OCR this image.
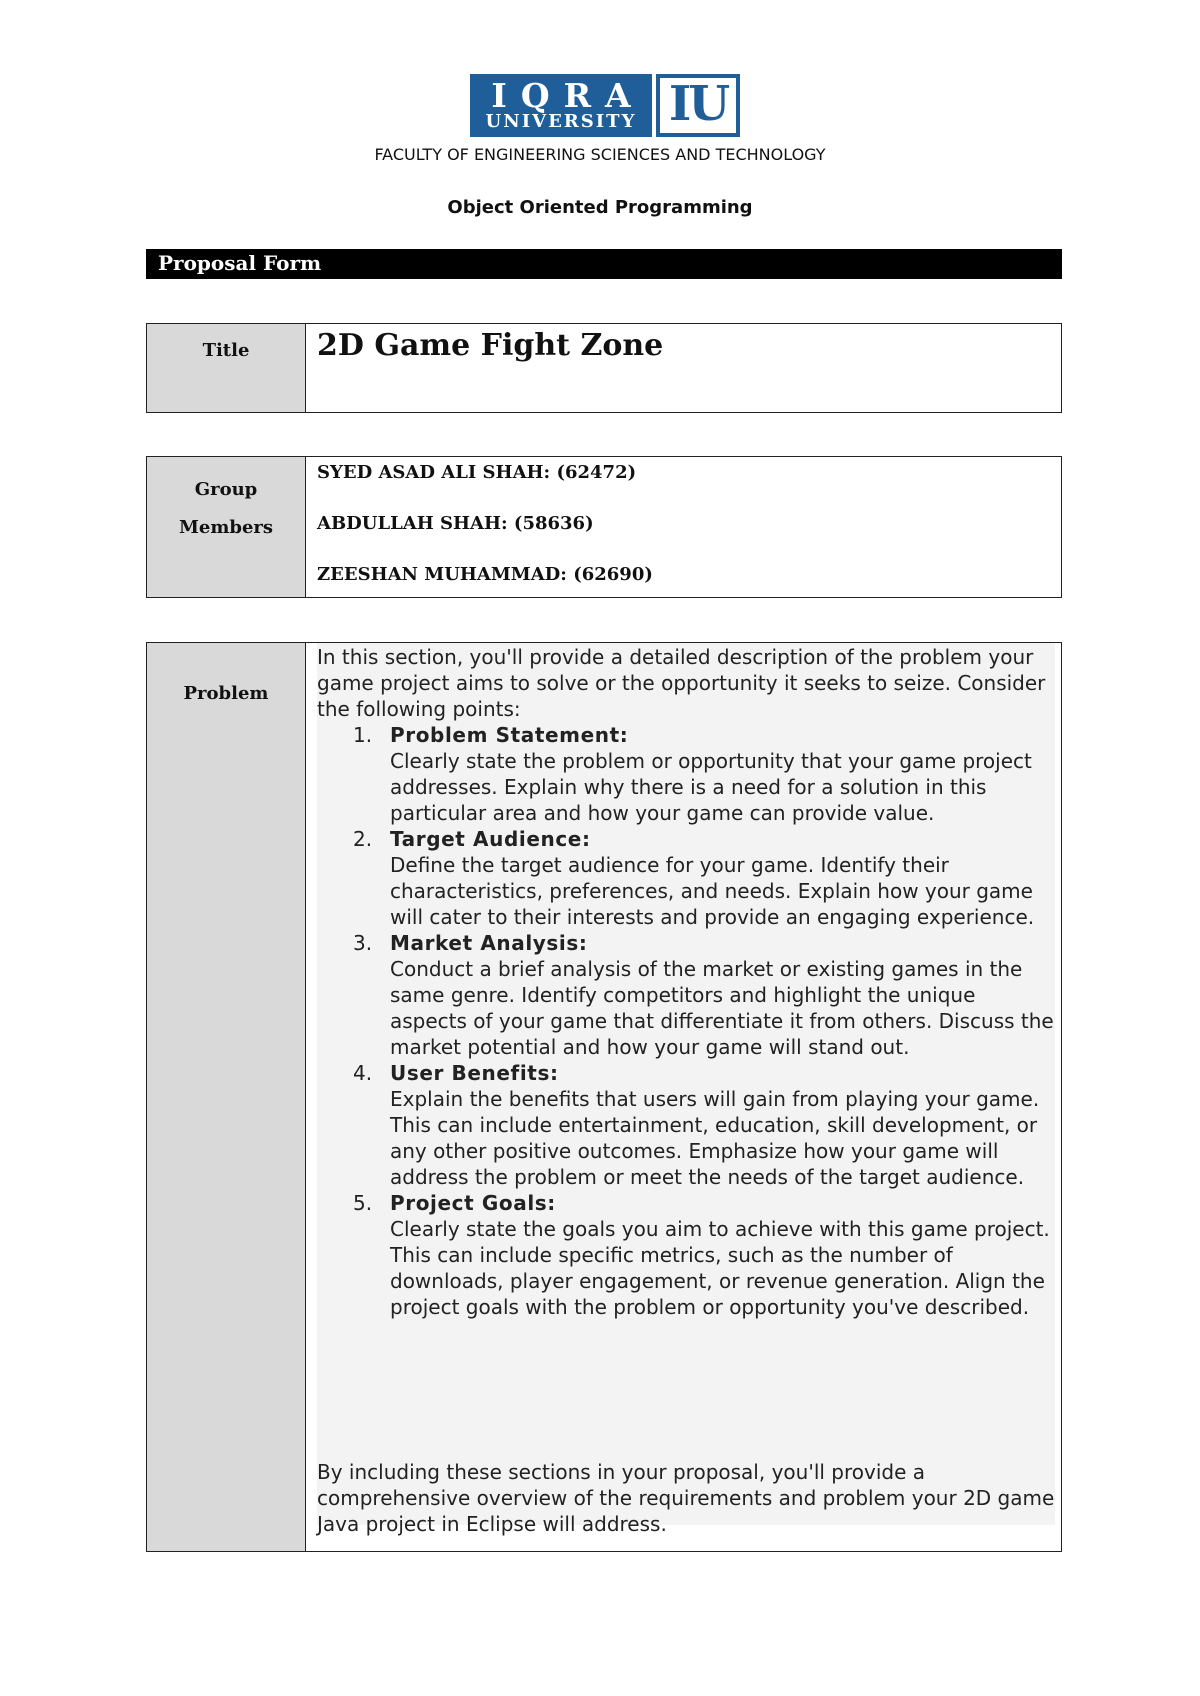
IQRA
UNIVERSITY IU
FACULTY OF ENGINEERING SCIENCES AND TECHNOLOGY
Object Oriented Programming
Proposal Form
Title	2D Game Fight Zone
Group
Members
SYED ASAD ALI SHAH: (62472)
ABDULLAH SHAH: (58636)
ZEESHAN MUHAMMAD: (62690)
Problem
In this section, you'll provide a detailed description of the problem your game project aims to solve or the opportunity it seeks to seize. Consider the following points:
1. Problem Statement:
Clearly state the problem or opportunity that your game project addresses. Explain why there is a need for a solution in this particular area and how your game can provide value.
2. Target Audience:
Define the target audience for your game. Identify their characteristics, preferences, and needs. Explain how your game will cater to their interests and provide an engaging experience.
3. Market Analysis:
Conduct a brief analysis of the market or existing games in the same genre. Identify competitors and highlight the unique aspects of your game that differentiate it from others. Discuss the market potential and how your game will stand out.
4. User Benefits:
Explain the benefits that users will gain from playing your game. This can include entertainment, education, skill development, or any other positive outcomes. Emphasize how your game will address the problem or meet the needs of the target audience.
5. Project Goals:
Clearly state the goals you aim to achieve with this game project. This can include specific metrics, such as the number of downloads, player engagement, or revenue generation. Align the project goals with the problem or opportunity you've described.
By including these sections in your proposal, you'll provide a comprehensive overview of the requirements and problem your 2D game Java project in Eclipse will address.
